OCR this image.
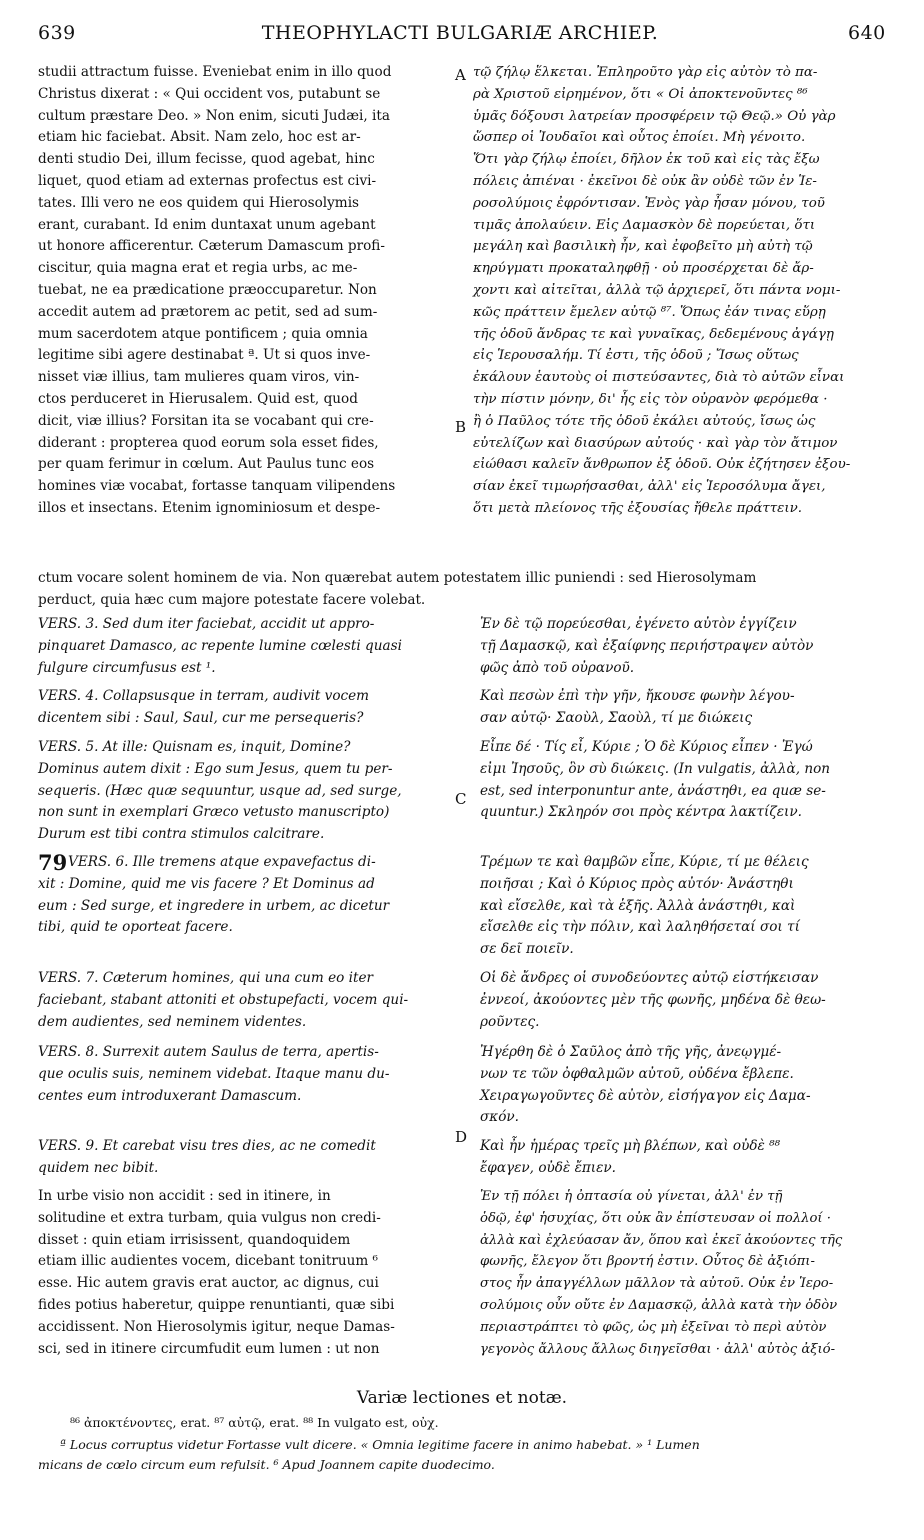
639	THEOPHYLACTI BULGARIÆ ARCHIEP.	640
studii attractum fuisse. Eveniebat enim in illo quod
Christus dixerat : « Qui occident vos, putabunt se
cultum præstare Deo. » Non enim, sicuti Judæi, ita
etiam hic faciebat. Absit. Nam zelo, hoc est ar-
denti studio Dei, illum fecisse, quod agebat, hinc
liquet, quod etiam ad externas profectus est civi-
tates. Illi vero ne eos quidem qui Hierosolymis
erant, curabant. Id enim duntaxat unum agebant
ut honore afficerentur. Cæterum Damascum profi-
ciscitur, quia magna erat et regia urbs, ac me-
tuebat, ne ea prædicatione præoccuparetur. Non
accedit autem ad prætorem ac petit, sed ad sum-
mum sacerdotem atque pontificem ; quia omnia
legitime sibi agere destinabat ª. Ut si quos inve-
nisset viæ illius, tam mulieres quam viros, vin-
ctos perduceret in Hierusalem. Quid est, quod
dicit, viæ illius? Forsitan ita se vocabant qui cre-
diderant : propterea quod eorum sola esset fides,
per quam ferimur in cœlum. Aut Paulus tunc eos
homines viæ vocabat, fortasse tanquam vilipendens
illos et insectans. Etenim ignominiosum et despe-
ctum vocare solent hominem de via. Non quærebat autem potestatem illic puniendi : sed Hierosolymam
perduct, quia hæc cum majore potestate facere volebat.
τῷ ζήλῳ ἕλκεται. Ἐπληροῦτο γὰρ εἰς αὐτὸν τὸ πα-
ρὰ Χριστοῦ εἰρημένον, ὅτι « Οἱ ἀποκτενοῦντες ⁸⁶
ὑμᾶς δόξουσι λατρείαν προσφέρειν τῷ Θεῷ.» Οὐ γὰρ
ὥσπερ οἱ Ἰουδαῖοι καὶ οὗτος ἐποίει. Μὴ γένοιτο.
Ὅτι γὰρ ζήλῳ ἐποίει, δῆλον ἐκ τοῦ καὶ εἰς τὰς ἔξω
πόλεις ἀπιέναι · ἐκεῖνοι δὲ οὐκ ἂν οὐδὲ τῶν ἐν Ἱε-
ροσολύμοις ἐφρόντισαν. Ἑνὸς γὰρ ἦσαν μόνου, τοῦ
τιμᾶς ἀπολαύειν. Εἰς Δαμασκὸν δὲ πορεύεται, ὅτι
μεγάλη καὶ βασιλικὴ ἦν, καὶ ἐφοβεῖτο μὴ αὐτὴ τῷ
κηρύγματι προκαταληφθῇ · οὐ προσέρχεται δὲ ἄρ-
χοντι καὶ αἰτεῖται, ἀλλὰ τῷ ἀρχιερεῖ, ὅτι πάντα νομι-
κῶς πράττειν ἔμελεν αὐτῷ ⁸⁷. Ὅπως ἐάν τινας εὕρῃ
τῆς ὁδοῦ ἄνδρας τε καὶ γυναῖκας, δεδεμένους ἀγάγῃ
εἰς Ἱερουσαλήμ. Τί ἐστι, τῆς ὁδοῦ ; Ἴσως οὕτως
ἐκάλουν ἑαυτοὺς οἱ πιστεύσαντες, διὰ τὸ αὐτῶν εἶναι
τὴν πίστιν μόνην, δι' ἧς εἰς τὸν οὐρανὸν φερόμεθα ·
ἢ ὁ Παῦλος τότε τῆς ὁδοῦ ἐκάλει αὐτούς, ἴσως ὡς
εὐτελίζων καὶ διασύρων αὐτούς · καὶ γὰρ τὸν ἄτιμον
εἰώθασι καλεῖν ἄνθρωπον ἐξ ὁδοῦ. Οὐκ ἐζήτησεν ἐξου-
σίαν ἐκεῖ τιμωρήσασθαι, ἀλλ' εἰς Ἱεροσόλυμα ἄγει,
ὅτι μετὰ πλείονος τῆς ἐξουσίας ἤθελε πράττειν.
A
B
C
D
VERS. 3. Sed dum iter faciebat, accidit ut appro-
pinquaret Damasco, ac repente lumine cœlesti quasi
fulgure circumfusus est ¹.
Ἐν δὲ τῷ πορεύεσθαι, ἐγένετο αὐτὸν ἐγγίζειν
τῇ Δαμασκῷ, καὶ ἐξαίφνης περιήστραψεν αὐτὸν
φῶς ἀπὸ τοῦ οὐρανοῦ.
VERS. 4. Collapsusque in terram, audivit vocem
dicentem sibi : Saul, Saul, cur me persequeris?
Καὶ πεσὼν ἐπὶ τὴν γῆν, ἤκουσε φωνὴν λέγου-
σαν αὐτῷ· Σαοὺλ, Σαοὺλ, τί με διώκεις
VERS. 5. At ille: Quisnam es, inquit, Domine?
Dominus autem dixit : Ego sum Jesus, quem tu per-
sequeris. (Hæc quæ sequuntur, usque ad, sed surge,
non sunt in exemplari Græco vetusto manuscripto)
Durum est tibi contra stimulos calcitrare.
Εἶπε δέ · Τίς εἶ, Κύριε ; Ὁ δὲ Κύριος εἶπεν · Ἐγώ
εἰμι Ἰησοῦς, ὃν σὺ διώκεις. (In vulgatis, ἀλλὰ, non
est, sed interponuntur ante, ἀνάστηθι, ea quæ se-
quuntur.) Σκληρόν σοι πρὸς κέντρα λακτίζειν.
79 VERS. 6. Ille tremens atque expavefactus di-
xit : Domine, quid me vis facere ? Et Dominus ad
eum : Sed surge, et ingredere in urbem, ac dicetur
tibi, quid te oporteat facere.
Τρέμων τε καὶ θαμβῶν εἶπε, Κύριε, τί με θέλεις
ποιῆσαι ; Καὶ ὁ Κύριος πρὸς αὐτόν· Ἀνάστηθι
καὶ εἴσελθε, καὶ τὰ ἑξῆς. Ἀλλὰ ἀνάστηθι, καὶ
εἴσελθε εἰς τὴν πόλιν, καὶ λαληθήσεταί σοι τί
σε δεῖ ποιεῖν.
VERS. 7. Cæterum homines, qui una cum eo iter
faciebant, stabant attoniti et obstupefacti, vocem qui-
dem audientes, sed neminem videntes.
Οἱ δὲ ἄνδρες οἱ συνοδεύοντες αὐτῷ εἱστήκεισαν
ἐννεοί, ἀκούοντες μὲν τῆς φωνῆς, μηδένα δὲ θεω-
ροῦντες.
VERS. 8. Surrexit autem Saulus de terra, apertis-
que oculis suis, neminem videbat. Itaque manu du-
centes eum introduxerant Damascum.
Ἠγέρθη δὲ ὁ Σαῦλος ἀπὸ τῆς γῆς, ἀνεῳγμέ-
νων τε τῶν ὀφθαλμῶν αὐτοῦ, οὐδένα ἔβλεπε.
Χειραγωγοῦντες δὲ αὐτὸν, εἰσήγαγον εἰς Δαμα-
σκόν.
VERS. 9. Et carebat visu tres dies, ac ne comedit
quidem nec bibit.
Καὶ ἦν ἡμέρας τρεῖς μὴ βλέπων, καὶ οὐδὲ ⁸⁸
ἔφαγεν, οὐδὲ ἔπιεν.
In urbe visio non accidit : sed in itinere, in
solitudine et extra turbam, quia vulgus non credi-
disset : quin etiam irrisissent, quandoquidem
etiam illic audientes vocem, dicebant tonitruum ⁶
esse. Hic autem gravis erat auctor, ac dignus, cui
fides potius haberetur, quippe renuntianti, quæ sibi
accidissent. Non Hierosolymis igitur, neque Damas-
sci, sed in itinere circumfudit eum lumen : ut non
Ἐν τῇ πόλει ἡ ὀπτασία οὐ γίνεται, ἀλλ' ἐν τῇ
ὁδῷ, ἐφ' ἡσυχίας, ὅτι οὐκ ἂν ἐπίστευσαν οἱ πολλοί ·
ἀλλὰ καὶ ἐχλεύασαν ἄν, ὅπου καὶ ἐκεῖ ἀκούοντες τῆς
φωνῆς, ἔλεγον ὅτι βροντή ἐστιν. Οὗτος δὲ ἀξιόπι-
στος ἦν ἀπαγγέλλων μᾶλλον τὰ αὐτοῦ. Οὐκ ἐν Ἱερο-
σολύμοις οὖν οὔτε ἐν Δαμασκῷ, ἀλλὰ κατὰ τὴν ὁδὸν
περιαστράπτει τὸ φῶς, ὡς μὴ ἐξεῖναι τὸ περὶ αὐτὸν
γεγονὸς ἄλλους ἄλλως διηγεῖσθαι · ἀλλ' αὐτὸς ἀξιό-
Variæ lectiones et notæ.
⁸⁶ ἀποκτένοντες, erat. ⁸⁷ αὐτῷ, erat. ⁸⁸ In vulgato est, οὐχ.
ª Locus corruptus videtur Fortasse vult dicere. « Omnia legitime facere in animo habebat. » ¹ Lumen
micans de cœlo circum eum refulsit. ⁶ Apud Joannem capite duodecimo.
